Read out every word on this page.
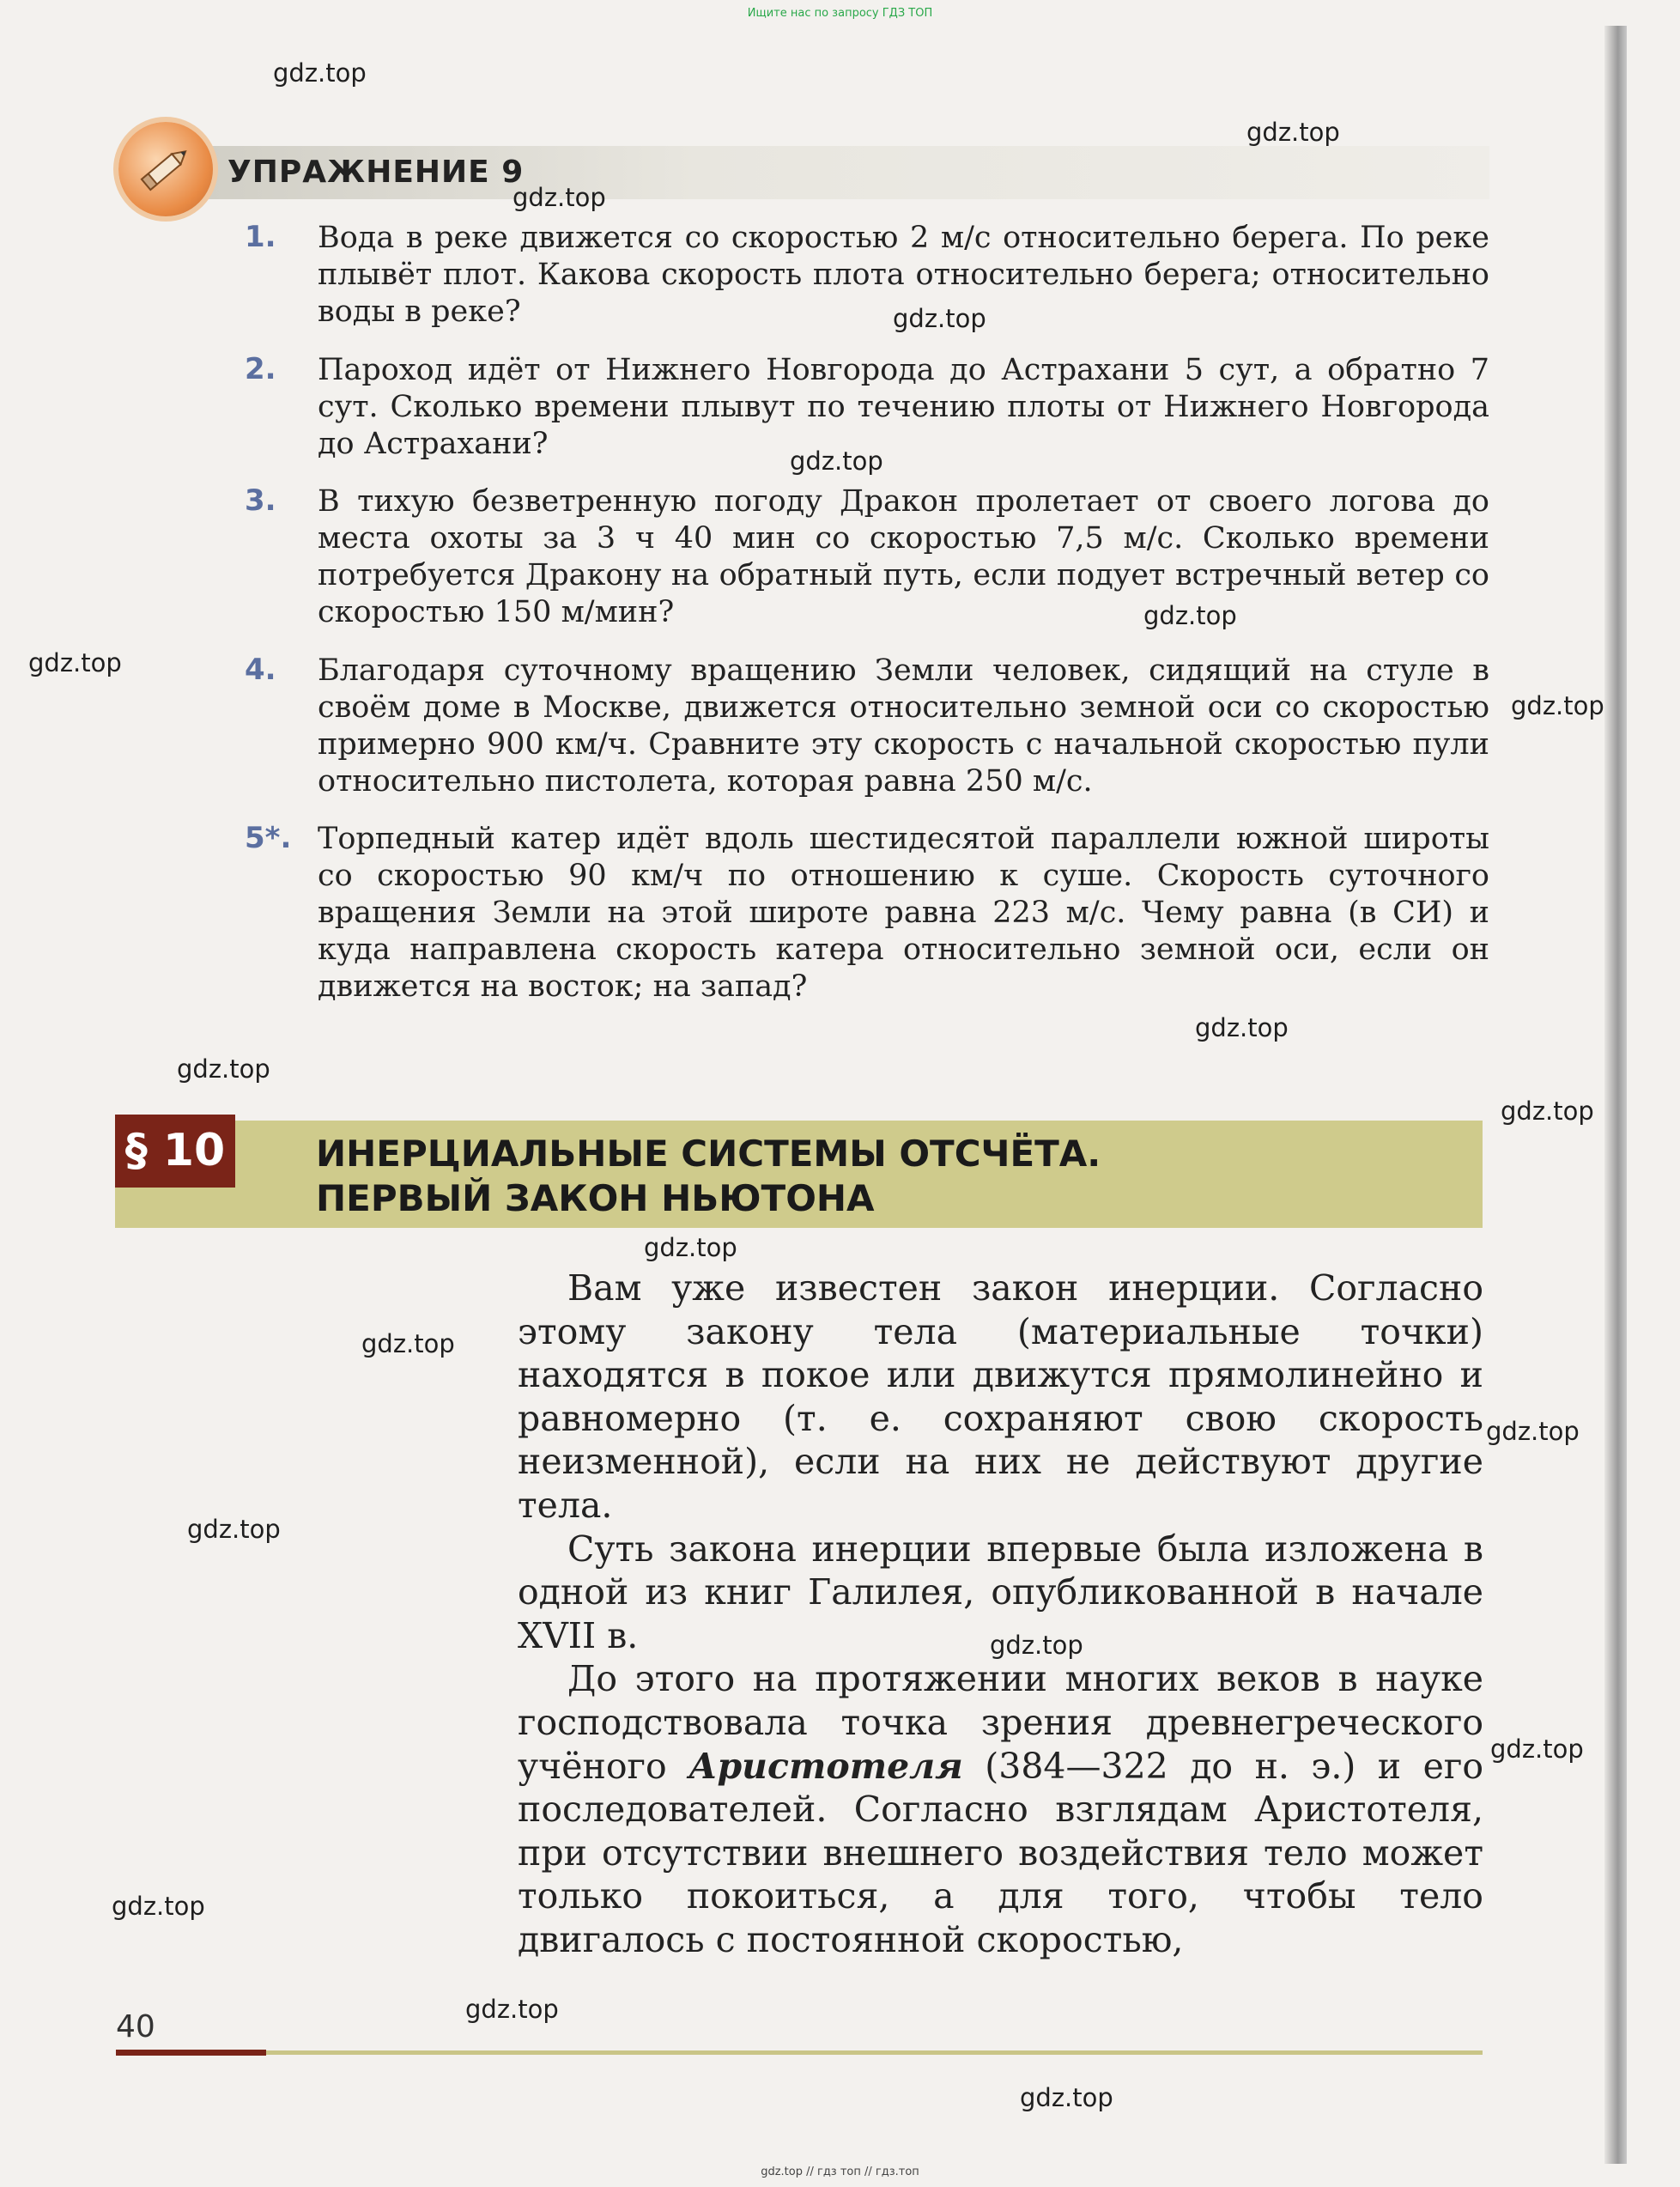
Ищите нас по запросу ГДЗ ТОП
УПРАЖНЕНИЕ 9
1.	Вода в реке движется со скоростью 2 м/с относительно берега. По реке плывёт плот. Какова скорость плота относительно берега; относительно воды в реке?
2.	Пароход идёт от Нижнего Новгорода до Астрахани 5 сут, а обратно 7 сут. Сколько времени плывут по течению плоты от Нижнего Новгорода до Астрахани?
3.	В тихую безветренную погоду Дракон пролетает от своего логова до места охоты за 3 ч 40 мин со скоростью 7,5 м/с. Сколько времени потребуется Дракону на обратный путь, если подует встречный ветер со скоростью 150 м/мин?
4.	Благодаря суточному вращению Земли человек, сидящий на стуле в своём доме в Москве, движется относительно земной оси со скоростью примерно 900 км/ч. Сравните эту скорость с начальной скоростью пули относительно пистолета, которая равна 250 м/с.
5*. Торпедный катер идёт вдоль шестидесятой параллели южной широты со скоростью 90 км/ч по отношению к суше. Скорость суточного вращения Земли на этой широте равна 223 м/с. Чему равна (в СИ) и куда направлена скорость катера относительно земной оси, если он движется на восток; на запад?
§ 10	ИНЕРЦИАЛЬНЫЕ СИСТЕМЫ ОТСЧЁТА.
ПЕРВЫЙ ЗАКОН НЬЮТОНА

Вам уже известен закон инерции. Согласно этому закону тела (материальные точки) находятся в покое или движутся прямолинейно и равномерно (т. е. сохраняют свою скорость неизменной), если на них не действуют другие тела.

Суть закона инерции впервые была изложена в одной из книг Галилея, опубликованной в начале XVII в.

До этого на протяжении многих веков в науке господствовала точка зрения древнегреческого учёного Аристотеля (384—322 до н. э.) и его последователей. Согласно взглядам Аристотеля, при отсутствии внешнего воздействия тело может только покоиться, а для того, чтобы тело двигалось с постоянной скоростью,

40
gdz.top
gdz.top
gdz.top
gdz.top
gdz.top
gdz.top
gdz.top
gdz.top
gdz.top
gdz.top
gdz.top
gdz.top
gdz.top
gdz.top
gdz.top
gdz.top
gdz.top
gdz.top
gdz.top
gdz.top
gdz.top // гдз топ // гдз.топ
